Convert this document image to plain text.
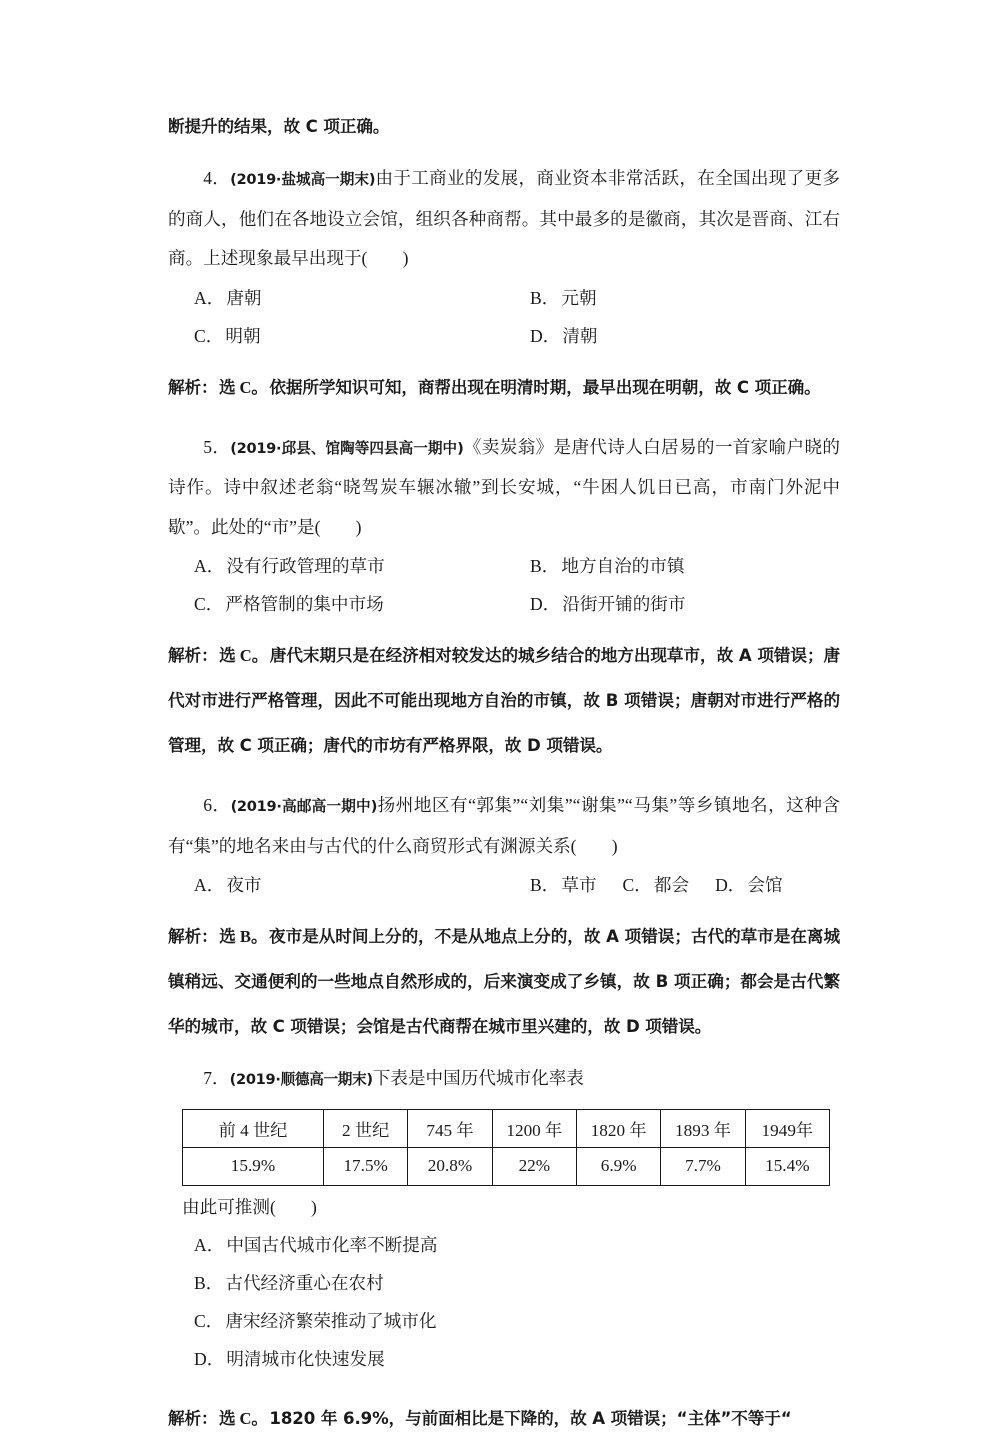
断提升的结果，故 C 项正确。

4．(2019·盐城高一期末)由于工商业的发展，商业资本非常活跃，在全国出现了更多的商人，他们在各地设立会馆，组织各种商帮。其中最多的是徽商，其次是晋商、江右商。上述现象最早出现于(　　)

A． 唐朝	B． 元朝
C． 明朝	D． 清朝

解析：选 C。依据所学知识可知，商帮出现在明清时期，最早出现在明朝，故 C 项正确。

5．(2019·邱县、馆陶等四县高一期中)《卖炭翁》是唐代诗人白居易的一首家喻户晓的诗作。诗中叙述老翁“晓驾炭车辗冰辙”到长安城，“牛困人饥日已高，市南门外泥中歇”。此处的“市”是(　　)

A． 没有行政管理的草市	B． 地方自治的市镇
C． 严格管制的集中市场	D． 沿街开铺的街市

解析：选 C。唐代末期只是在经济相对较发达的城乡结合的地方出现草市，故 A 项错误；唐代对市进行严格管理，因此不可能出现地方自治的市镇，故 B 项错误；唐朝对市进行严格的管理，故 C 项正确；唐代的市坊有严格界限，故 D 项错误。

6．(2019·高邮高一期中)扬州地区有“郭集”“刘集”“谢集”“马集”等乡镇地名，这种含有“集”的地名来由与古代的什么商贸形式有渊源关系(　　)

A． 夜市	B． 草市 C． 都会 D． 会馆

解析：选 B。夜市是从时间上分的，不是从地点上分的，故 A 项错误；古代的草市是在离城镇稍远、交通便利的一些地点自然形成的，后来演变成了乡镇，故 B 项正确；都会是古代繁华的城市，故 C 项错误；会馆是古代商帮在城市里兴建的，故 D 项错误。

7．(2019·顺德高一期末)下表是中国历代城市化率表

前 4 世纪	2 世纪	745 年	1200 年	1820 年	1893 年	1949年
15.9%	17.5%	20.8%	22%	6.9%	7.7%	15.4%

由此可推测(　　)

A． 中国古代城市化率不断提高
B． 古代经济重心在农村
C． 唐宋经济繁荣推动了城市化
D． 明清城市化快速发展

解析：选 C。1820 年 6.9%，与前面相比是下降的，故 A 项错误；“主体”不等于“
